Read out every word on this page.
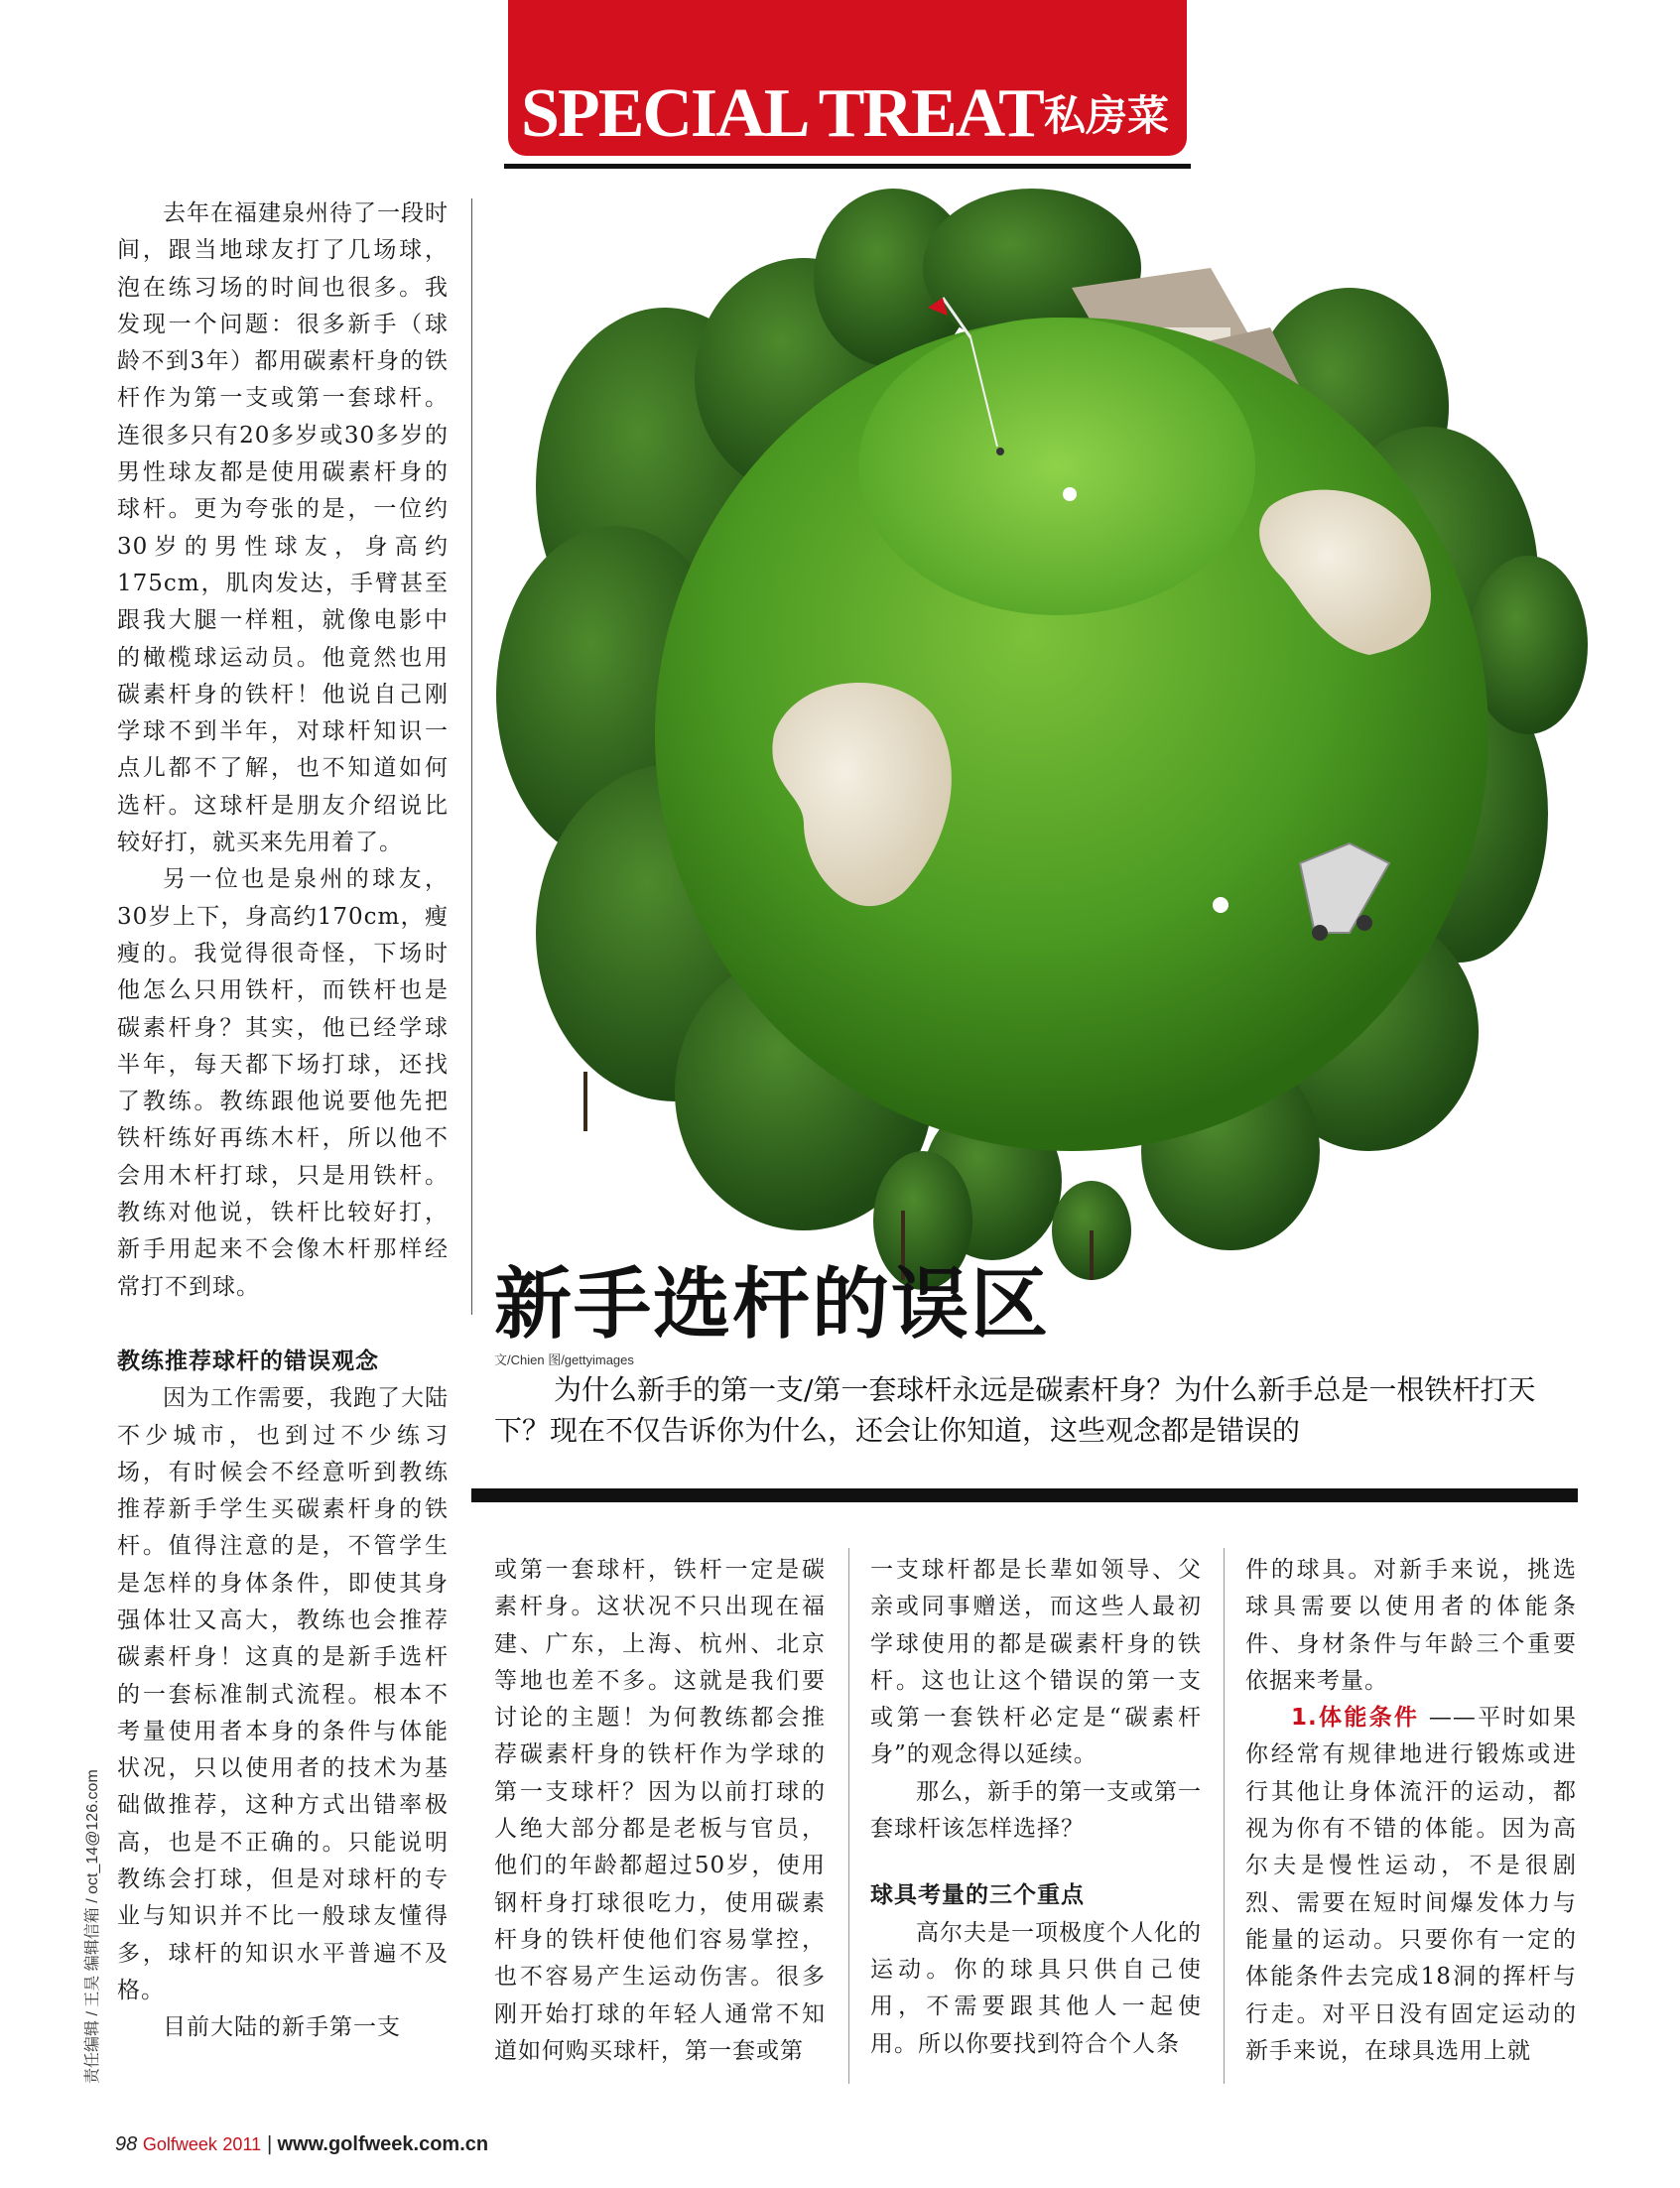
SPECIAL TREAT 私房菜

去年在福建泉州待了一段时间，跟当地球友打了几场球，泡在练习场的时间也很多。我发现一个问题：很多新手（球龄不到3年）都用碳素杆身的铁杆作为第一支或第一套球杆。连很多只有20多岁或30多岁的男性球友都是使用碳素杆身的球杆。更为夸张的是，一位约30岁的男性球友，身高约175cm，肌肉发达，手臂甚至跟我大腿一样粗，就像电影中的橄榄球运动员。他竟然也用碳素杆身的铁杆！他说自己刚学球不到半年，对球杆知识一点儿都不了解，也不知道如何选杆。这球杆是朋友介绍说比较好打，就买来先用着了。

另一位也是泉州的球友，30岁上下，身高约170cm，瘦瘦的。我觉得很奇怪，下场时他怎么只用铁杆，而铁杆也是碳素杆身？其实，他已经学球半年，每天都下场打球，还找了教练。教练跟他说要他先把铁杆练好再练木杆，所以他不会用木杆打球，只是用铁杆。教练对他说，铁杆比较好打，新手用起来不会像木杆那样经常打不到球。

教练推荐球杆的错误观念

因为工作需要，我跑了大陆不少城市，也到过不少练习场，有时候会不经意听到教练推荐新手学生买碳素杆身的铁杆。值得注意的是，不管学生是怎样的身体条件，即使其身强体壮又高大，教练也会推荐碳素杆身！这真的是新手选杆的一套标准制式流程。根本不考量使用者本身的条件与体能状况，只以使用者的技术为基础做推荐，这种方式出错率极高，也是不正确的。只能说明教练会打球，但是对球杆的专业与知识并不比一般球友懂得多，球杆的知识水平普遍不及格。

目前大陆的新手第一支

新手选杆的误区
文/Chien 图/gettyimages
为什么新手的第一支/第一套球杆永远是碳素杆身？为什么新手总是一根铁杆打天下？现在不仅告诉你为什么，还会让你知道，这些观念都是错误的

或第一套球杆，铁杆一定是碳素杆身。这状况不只出现在福建、广东，上海、杭州、北京等地也差不多。这就是我们要讨论的主题！为何教练都会推荐碳素杆身的铁杆作为学球的第一支球杆？因为以前打球的人绝大部分都是老板与官员，他们的年龄都超过50岁，使用钢杆身打球很吃力，使用碳素杆身的铁杆使他们容易掌控，也不容易产生运动伤害。很多刚开始打球的年轻人通常不知道如何购买球杆，第一套或第

一支球杆都是长辈如领导、父亲或同事赠送，而这些人最初学球使用的都是碳素杆身的铁杆。这也让这个错误的第一支或第一套铁杆必定是“碳素杆身”的观念得以延续。

那么，新手的第一支或第一套球杆该怎样选择？

球具考量的三个重点

高尔夫是一项极度个人化的运动。你的球具只供自己使用，不需要跟其他人一起使用。所以你要找到符合个人条

件的球具。对新手来说，挑选球具需要以使用者的体能条件、身材条件与年龄三个重要依据来考量。

1.体能条件 ——平时如果你经常有规律地进行锻炼或进行其他让身体流汗的运动，都视为你有不错的体能。因为高尔夫是慢性运动，不是很剧烈、需要在短时间爆发体力与能量的运动。只要你有一定的体能条件去完成18洞的挥杆与行走。对平日没有固定运动的新手来说，在球具选用上就

责任编辑 / 王昊 编辑信箱 / oct_14@126.com
98 Golfweek 2011 | www.golfweek.com.cn
